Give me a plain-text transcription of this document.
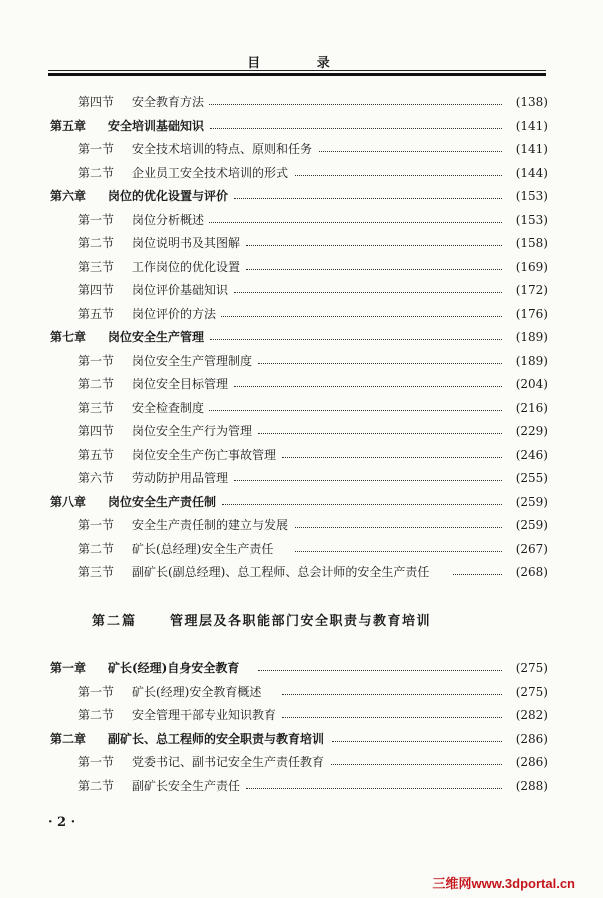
目 录
第四节 安全教育方法	(138)
第五章 安全培训基础知识	(141)
第一节 安全技术培训的特点、原则和任务	(141)
第二节 企业员工安全技术培训的形式	(144)
第六章 岗位的优化设置与评价	(153)
第一节 岗位分析概述	(153)
第二节 岗位说明书及其图解	(158)
第三节 工作岗位的优化设置	(169)
第四节 岗位评价基础知识	(172)
第五节 岗位评价的方法	(176)
第七章 岗位安全生产管理	(189)
第一节 岗位安全生产管理制度	(189)
第二节 岗位安全目标管理	(204)
第三节 安全检查制度	(216)
第四节 岗位安全生产行为管理	(229)
第五节 岗位安全生产伤亡事故管理	(246)
第六节 劳动防护用品管理	(255)
第八章 岗位安全生产责任制	(259)
第一节 安全生产责任制的建立与发展	(259)
第二节 矿长(总经理)安全生产责任	(267)
第三节 副矿长(副总经理)、总工程师、总会计师的安全生产责任	(268)
第二篇	管理层及各职能部门安全职责与教育培训
第一章 矿长(经理)自身安全教育	(275)
第一节 矿长(经理)安全教育概述	(275)
第二节 安全管理干部专业知识教育	(282)
第二章 副矿长、总工程师的安全职责与教育培训	(286)
第一节 党委书记、副书记安全生产责任教育	(286)
第二节 副矿长安全生产责任	(288)
· 2 ·
三维网www.3dportal.cn
